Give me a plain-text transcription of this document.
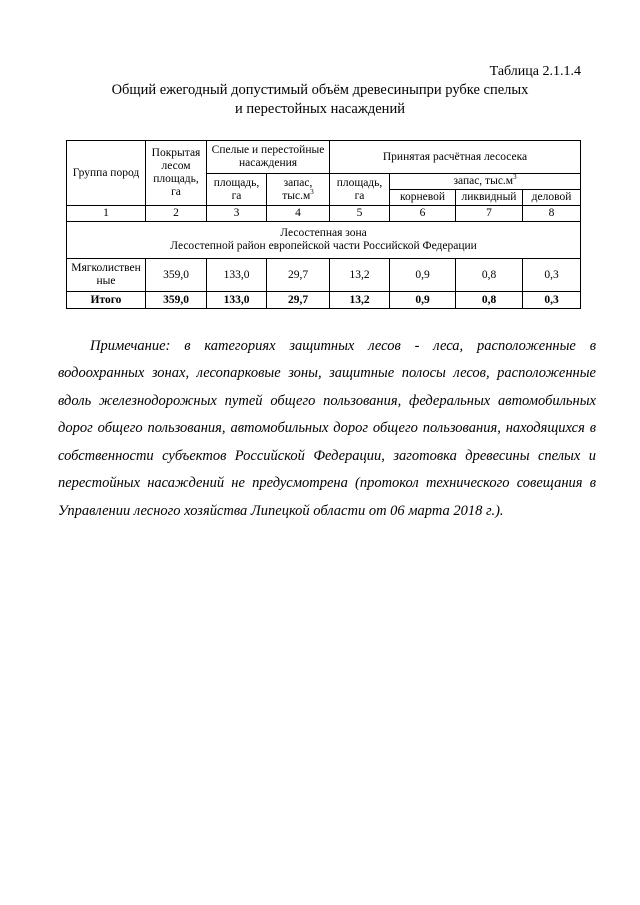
Таблица 2.1.1.4
Общий ежегодный допустимый объём древесиныпри рубке спелых
и перестойных насаждений
Группа пород	Покрытая лесом площадь, га	Спелые и перестойные насаждения		Принятая расчётная лесосека			
		площадь, га	запас, $тыс.м^3$	площадь, га	запас, $тыс.м^3$
					корневой	ликвидный	деловой
1	2	3	4	5	6	7	8

Лесостепная зона
Лесостепной район европейской части Российской Федерации							

Мягколиственные	359,0	133,0	29,7	13,2	0,9	0,8	0,3
Итого	359,0	133,0	29,7	13,2	0,9	0,8	0,3

Примечание: в категориях защитных лесов - леса, расположенные в водоохранных зонах, лесопарковые зоны, защитные полосы лесов, расположенные вдоль железнодорожных путей общего пользования, федеральных автомобильных дорог общего пользования, автомобильных дорог общего пользования, находящихся в собственности субъектов Российской Федерации, заготовка древесины спелых и перестойных насаждений не предусмотрена (протокол технического совещания в Управлении лесного хозяйства Липецкой области от 06 марта 2018 г.).
